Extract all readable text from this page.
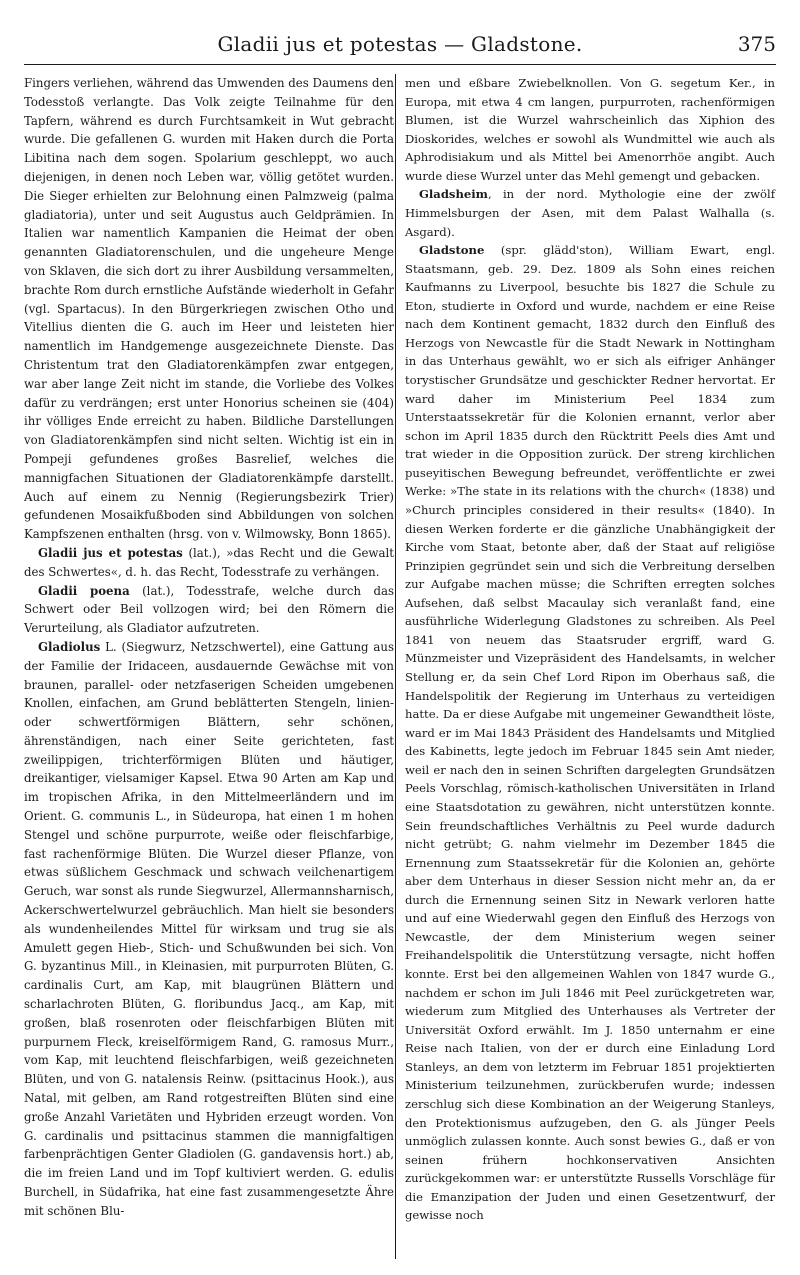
Gladii jus et potestas — Gladstone.	375

Fingers verliehen, während das Umwenden des Daumens den Todesstoß verlangte. Das Volk zeigte Teilnahme für den Tapfern, während es durch Furchtsamkeit in Wut gebracht wurde. Die gefallenen G. wurden mit Haken durch die Porta Libitina nach dem sogen. Spolarium geschleppt, wo auch diejenigen, in denen noch Leben war, völlig getötet wurden. Die Sieger erhielten zur Belohnung einen Palmzweig (palma gladiatoria), unter und seit Augustus auch Geldprämien. In Italien war namentlich Kampanien die Heimat der oben genannten Gladiatorenschulen, und die ungeheure Menge von Sklaven, die sich dort zu ihrer Ausbildung versammelten, brachte Rom durch ernstliche Aufstände wiederholt in Gefahr (vgl. Spartacus). In den Bürgerkriegen zwischen Otho und Vitellius dienten die G. auch im Heer und leisteten hier namentlich im Handgemenge ausgezeichnete Dienste. Das Christentum trat den Gladiatorenkämpfen zwar entgegen, war aber lange Zeit nicht im stande, die Vorliebe des Volkes dafür zu verdrängen; erst unter Honorius scheinen sie (404) ihr völliges Ende erreicht zu haben. Bildliche Darstellungen von Gladiatorenkämpfen sind nicht selten. Wichtig ist ein in Pompeji gefundenes großes Basrelief, welches die mannigfachen Situationen der Gladiatorenkämpfe darstellt. Auch auf einem zu Nennig (Regierungsbezirk Trier) gefundenen Mosaikfußboden sind Abbildungen von solchen Kampfszenen enthalten (hrsg. von v. Wilmowsky, Bonn 1865).

Gladii jus et potestas (lat.), »das Recht und die Gewalt des Schwertes«, d. h. das Recht, Todesstrafe zu verhängen.

Gladii poena (lat.), Todesstrafe, welche durch das Schwert oder Beil vollzogen wird; bei den Römern die Verurteilung, als Gladiator aufzutreten.

Gladiolus L. (Siegwurz, Netzschwertel), eine Gattung aus der Familie der Iridaceen, ausdauernde Gewächse mit von braunen, parallel- oder netzfaserigen Scheiden umgebenen Knollen, einfachen, am Grund beblätterten Stengeln, linien- oder schwertförmigen Blättern, sehr schönen, ährenständigen, nach einer Seite gerichteten, fast zweilippigen, trichterförmigen Blüten und häutiger, dreikantiger, vielsamiger Kapsel. Etwa 90 Arten am Kap und im tropischen Afrika, in den Mittelmeerländern und im Orient. G. communis L., in Südeuropa, hat einen 1 m hohen Stengel und schöne purpurrote, weiße oder fleischfarbige, fast rachenförmige Blüten. Die Wurzel dieser Pflanze, von etwas süßlichem Geschmack und schwach veilchenartigem Geruch, war sonst als runde Siegwurzel, Allermannsharnisch, Ackerschwertelwurzel gebräuchlich. Man hielt sie besonders als wundenheilendes Mittel für wirksam und trug sie als Amulett gegen Hieb-, Stich- und Schußwunden bei sich. Von G. byzantinus Mill., in Kleinasien, mit purpurroten Blüten, G. cardinalis Curt, am Kap, mit blaugrünen Blättern und scharlachroten Blüten, G. floribundus Jacq., am Kap, mit großen, blaß rosenroten oder fleischfarbigen Blüten mit purpurnem Fleck, kreiselförmigem Rand, G. ramosus Murr., vom Kap, mit leuchtend fleischfarbigen, weiß gezeichneten Blüten, und von G. natalensis Reinw. (psittacinus Hook.), aus Natal, mit gelben, am Rand rotgestreiften Blüten sind eine große Anzahl Varietäten und Hybriden erzeugt worden. Von G. cardinalis und psittacinus stammen die mannigfaltigen farbenprächtigen Genter Gladiolen (G. gandavensis hort.) ab, die im freien Land und im Topf kultiviert werden. G. edulis Burchell, in Südafrika, hat eine fast zusammengesetzte Ähre mit schönen Blu-

men und eßbare Zwiebelknollen. Von G. segetum Ker., in Europa, mit etwa 4 cm langen, purpurroten, rachenförmigen Blumen, ist die Wurzel wahrscheinlich das Xiphion des Dioskorides, welches er sowohl als Wundmittel wie auch als Aphrodisiakum und als Mittel bei Amenorrhöe angibt. Auch wurde diese Wurzel unter das Mehl gemengt und gebacken.

Gladsheim, in der nord. Mythologie eine der zwölf Himmelsburgen der Asen, mit dem Palast Walhalla (s. Asgard).

Gladstone (spr. glädd'ston), William Ewart, engl. Staatsmann, geb. 29. Dez. 1809 als Sohn eines reichen Kaufmanns zu Liverpool, besuchte bis 1827 die Schule zu Eton, studierte in Oxford und wurde, nachdem er eine Reise nach dem Kontinent gemacht, 1832 durch den Einfluß des Herzogs von Newcastle für die Stadt Newark in Nottingham in das Unterhaus gewählt, wo er sich als eifriger Anhänger torystischer Grundsätze und geschickter Redner hervortat. Er ward daher im Ministerium Peel 1834 zum Unterstaatssekretär für die Kolonien ernannt, verlor aber schon im April 1835 durch den Rücktritt Peels dies Amt und trat wieder in die Opposition zurück. Der streng kirchlichen puseyitischen Bewegung befreundet, veröffentlichte er zwei Werke: »The state in its relations with the church« (1838) und »Church principles considered in their results« (1840). In diesen Werken forderte er die gänzliche Unabhängigkeit der Kirche vom Staat, betonte aber, daß der Staat auf religiöse Prinzipien gegründet sein und sich die Verbreitung derselben zur Aufgabe machen müsse; die Schriften erregten solches Aufsehen, daß selbst Macaulay sich veranlaßt fand, eine ausführliche Widerlegung Gladstones zu schreiben. Als Peel 1841 von neuem das Staatsruder ergriff, ward G. Münzmeister und Vizepräsident des Handelsamts, in welcher Stellung er, da sein Chef Lord Ripon im Oberhaus saß, die Handelspolitik der Regierung im Unterhaus zu verteidigen hatte. Da er diese Aufgabe mit ungemeiner Gewandtheit löste, ward er im Mai 1843 Präsident des Handelsamts und Mitglied des Kabinetts, legte jedoch im Februar 1845 sein Amt nieder, weil er nach den in seinen Schriften dargelegten Grundsätzen Peels Vorschlag, römisch-katholischen Universitäten in Irland eine Staatsdotation zu gewähren, nicht unterstützen konnte. Sein freundschaftliches Verhältnis zu Peel wurde dadurch nicht getrübt; G. nahm vielmehr im Dezember 1845 die Ernennung zum Staatssekretär für die Kolonien an, gehörte aber dem Unterhaus in dieser Session nicht mehr an, da er durch die Ernennung seinen Sitz in Newark verloren hatte und auf eine Wiederwahl gegen den Einfluß des Herzogs von Newcastle, der dem Ministerium wegen seiner Freihandelspolitik die Unterstützung versagte, nicht hoffen konnte. Erst bei den allgemeinen Wahlen von 1847 wurde G., nachdem er schon im Juli 1846 mit Peel zurückgetreten war, wiederum zum Mitglied des Unterhauses als Vertreter der Universität Oxford erwählt. Im J. 1850 unternahm er eine Reise nach Italien, von der er durch eine Einladung Lord Stanleys, an dem von letzterm im Februar 1851 projektierten Ministerium teilzunehmen, zurückberufen wurde; indessen zerschlug sich diese Kombination an der Weigerung Stanleys, den Protektionismus aufzugeben, den G. als Jünger Peels unmöglich zulassen konnte. Auch sonst bewies G., daß er von seinen frühern hochkonservativen Ansichten zurückgekommen war: er unterstützte Russells Vorschläge für die Emanzipation der Juden und einen Gesetzentwurf, der gewisse noch
